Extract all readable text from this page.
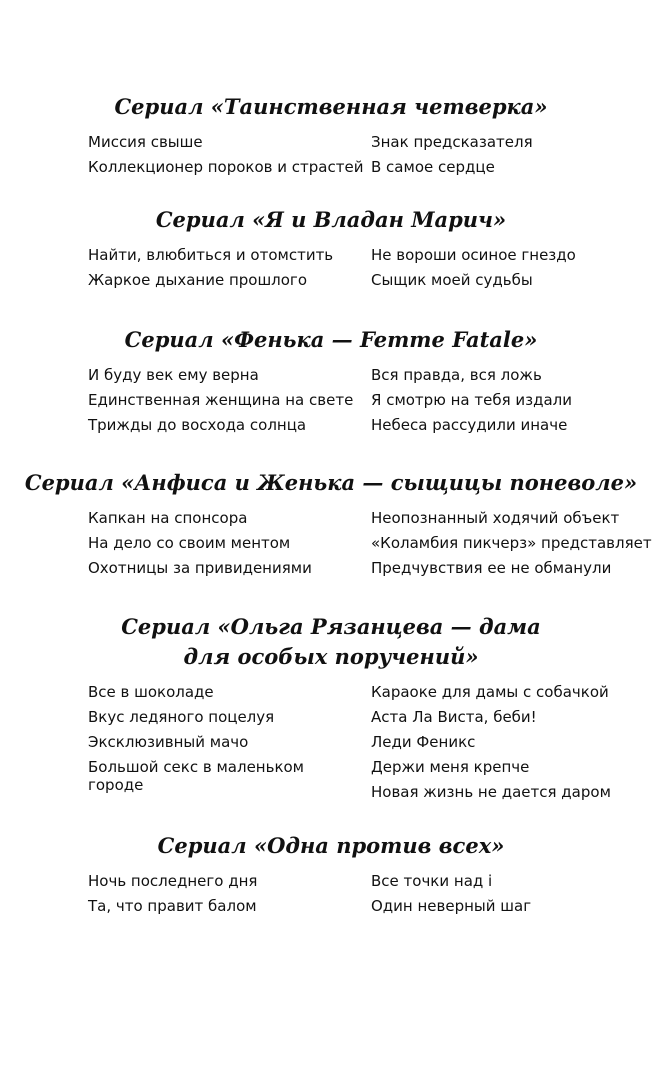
Сериал «Таинственная четверка»
Миссия свыше
Коллекционер пороков и страстей
Знак предсказателя
В самое сердце
Сериал «Я и Владан Марич»
Найти, влюбиться и отомстить
Жаркое дыхание прошлого
Не вороши осиное гнездо
Сыщик моей судьбы
Сериал «Фенька — Femme Fatale»
И буду век ему верна
Единственная женщина на свете
Трижды до восхода солнца
Вся правда, вся ложь
Я смотрю на тебя издали
Небеса рассудили иначе
Сериал «Анфиса и Женька — сыщицы поневоле»
Капкан на спонсора
На дело со своим ментом
Охотницы за привидениями
Неопознанный ходячий объект
«Коламбия пикчерз» представляет
Предчувствия ее не обманули
Сериал «Ольга Рязанцева — дама
для особых поручений»
Все в шоколаде
Вкус ледяного поцелуя
Эксклюзивный мачо
Большой секс в маленьком городе
Караоке для дамы с собачкой
Аста Ла Виста, беби!
Леди Феникс
Держи меня крепче
Новая жизнь не дается даром
Сериал «Одна против всех»
Ночь последнего дня
Та, что правит балом
Все точки над i
Один неверный шаг
